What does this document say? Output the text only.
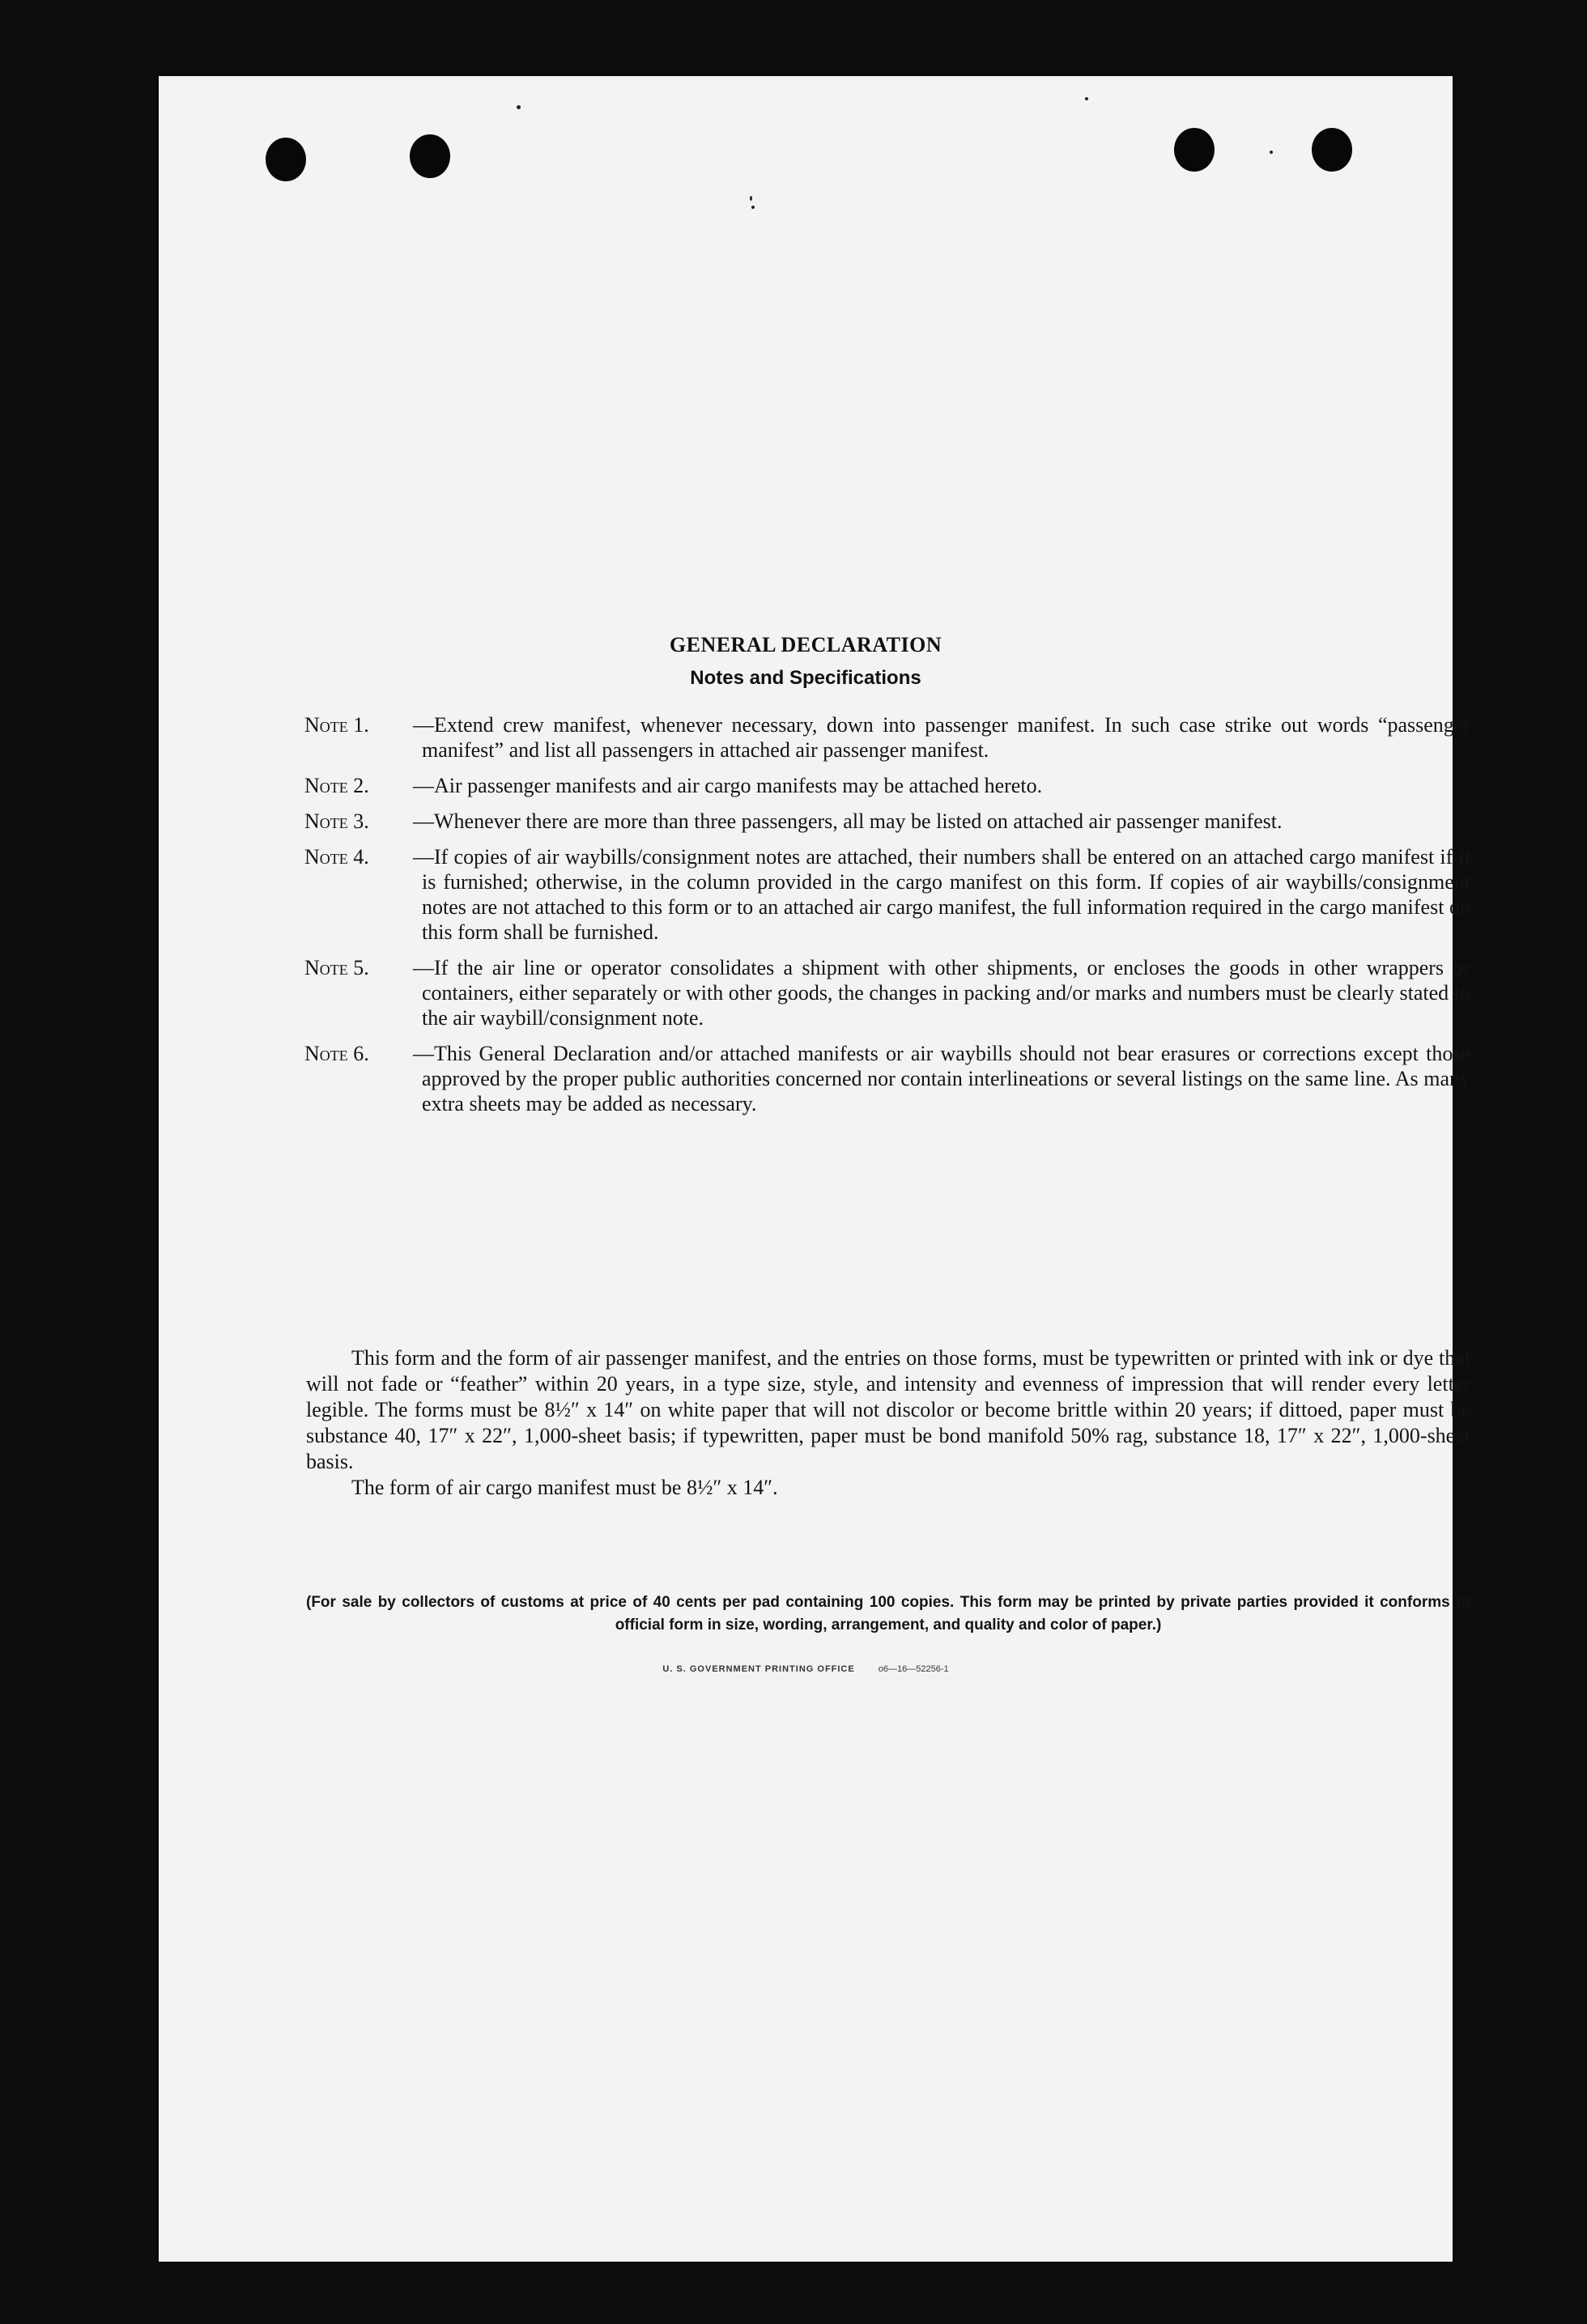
GENERAL DECLARATION
Notes and Specifications
Note 1.	—Extend crew manifest, whenever necessary, down into passenger manifest. In such case strike out words “passenger manifest” and list all passengers in attached air passenger manifest.
Note 2.	—Air passenger manifests and air cargo manifests may be attached hereto.
Note 3.	—Whenever there are more than three passengers, all may be listed on attached air passenger manifest.
Note 4.	—If copies of air waybills/consignment notes are attached, their numbers shall be entered on an attached cargo manifest if it is furnished; otherwise, in the column provided in the cargo manifest on this form. If copies of air waybills/consignment notes are not attached to this form or to an attached air cargo manifest, the full information required in the cargo manifest on this form shall be furnished.
Note 5.	—If the air line or operator consolidates a shipment with other shipments, or encloses the goods in other wrappers or containers, either separately or with other goods, the changes in packing and/or marks and numbers must be clearly stated in the air waybill/consignment note.
Note 6.	—This General Declaration and/or attached manifests or air waybills should not bear erasures or corrections except those approved by the proper public authorities concerned nor contain interlineations or several listings on the same line. As many extra sheets may be added as necessary.

This form and the form of air passenger manifest, and the entries on those forms, must be typewritten or printed with ink or dye that will not fade or “feather” within 20 years, in a type size, style, and intensity and evenness of impression that will render every letter legible. The forms must be 8½″ x 14″ on white paper that will not discolor or become brittle within 20 years; if dittoed, paper must be substance 40, 17″ x 22″, 1,000-sheet basis; if typewritten, paper must be bond manifold 50% rag, substance 18, 17″ x 22″, 1,000-sheet basis.

The form of air cargo manifest must be 8½″ x 14″.

(For sale by collectors of customs at price of 40 cents per pad containing 100 copies. This form may be printed by private parties provided it conforms to official form in size, wording, arrangement, and quality and color of paper.)
U. S. GOVERNMENT PRINTING OFFICE	o6—16—52256-1
